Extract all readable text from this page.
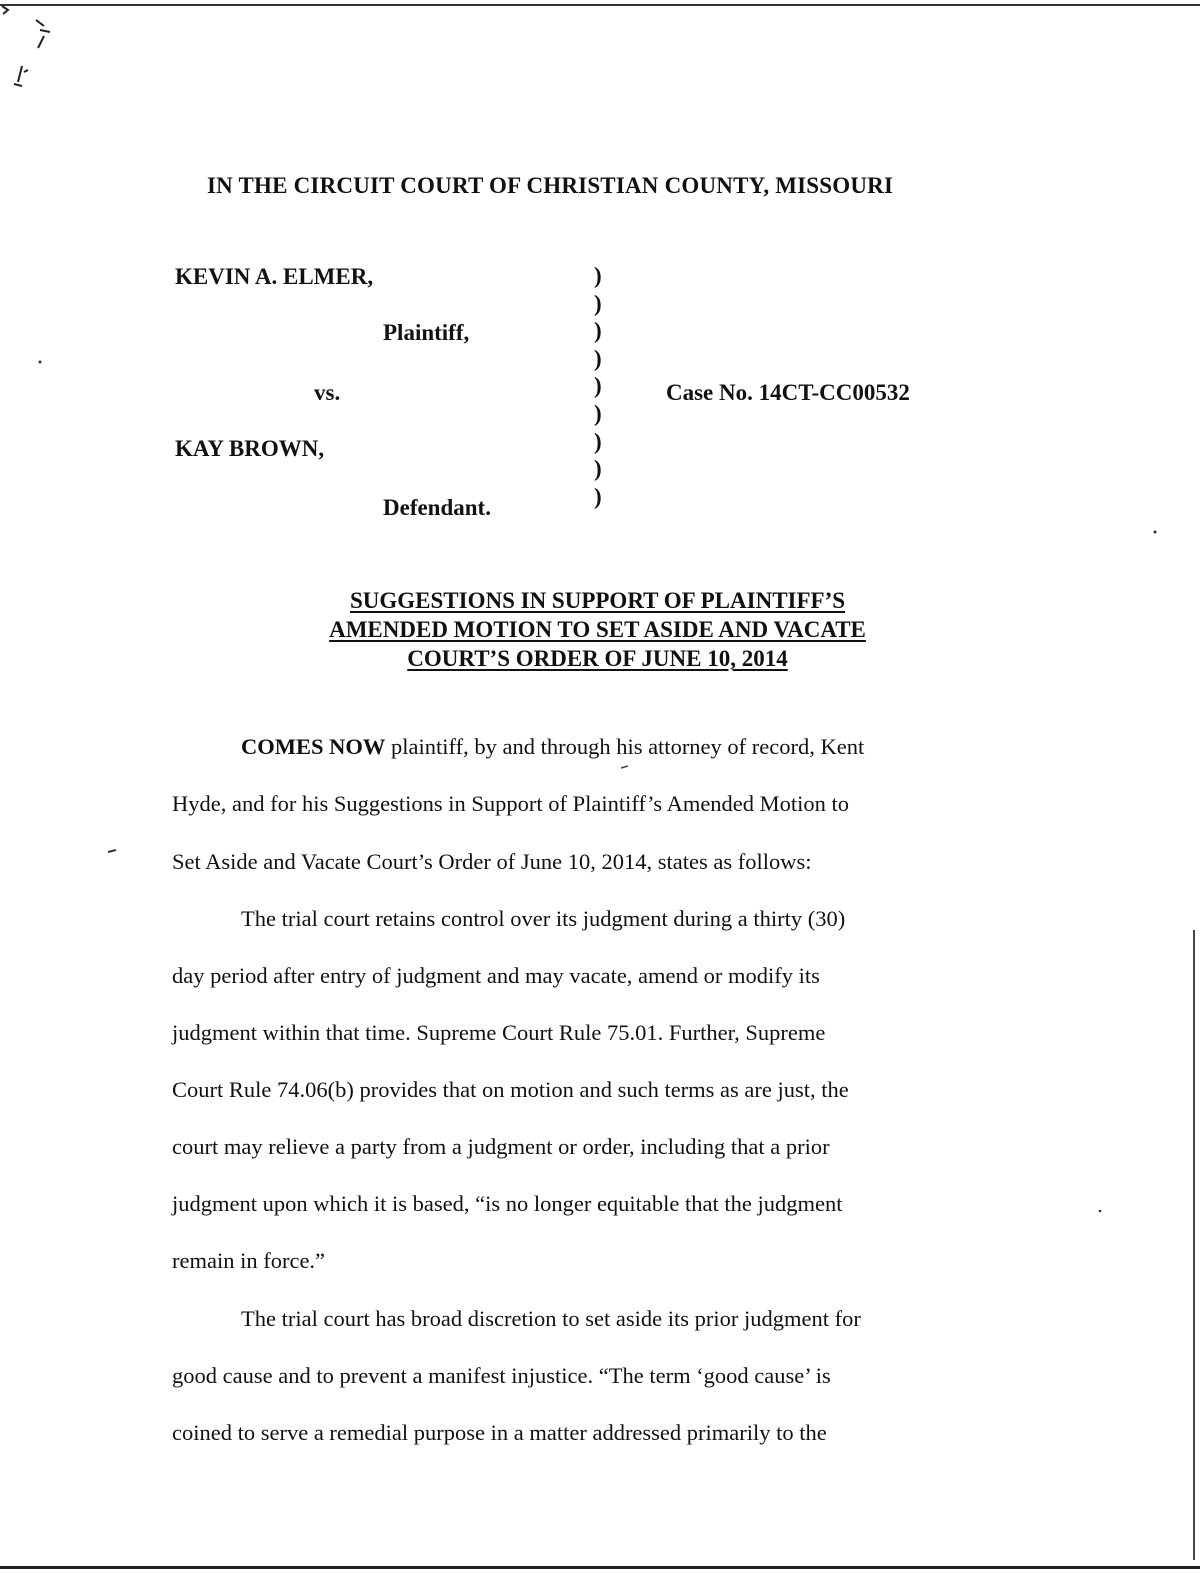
IN THE CIRCUIT COURT OF CHRISTIAN COUNTY, MISSOURI
KEVIN A. ELMER,
Plaintiff,
vs.
KAY BROWN,
Defendant.
)
)
)
)
)
)
)
)
)
Case No. 14CT-CC00532
SUGGESTIONS IN SUPPORT OF PLAINTIFF’S
AMENDED MOTION TO SET ASIDE AND VACATE
COURT’S ORDER OF JUNE 10, 2014
COMES NOW plaintiff, by and through his attorney of record, Kent
Hyde, and for his Suggestions in Support of Plaintiff’s Amended Motion to
Set Aside and Vacate Court’s Order of June 10, 2014, states as follows:
The trial court retains control over its judgment during a thirty (30)
day period after entry of judgment and may vacate, amend or modify its
judgment within that time. Supreme Court Rule 75.01. Further, Supreme
Court Rule 74.06(b) provides that on motion and such terms as are just, the
court may relieve a party from a judgment or order, including that a prior
judgment upon which it is based, “is no longer equitable that the judgment
remain in force.”
The trial court has broad discretion to set aside its prior judgment for
good cause and to prevent a manifest injustice. “The term ‘good cause’ is
coined to serve a remedial purpose in a matter addressed primarily to the
